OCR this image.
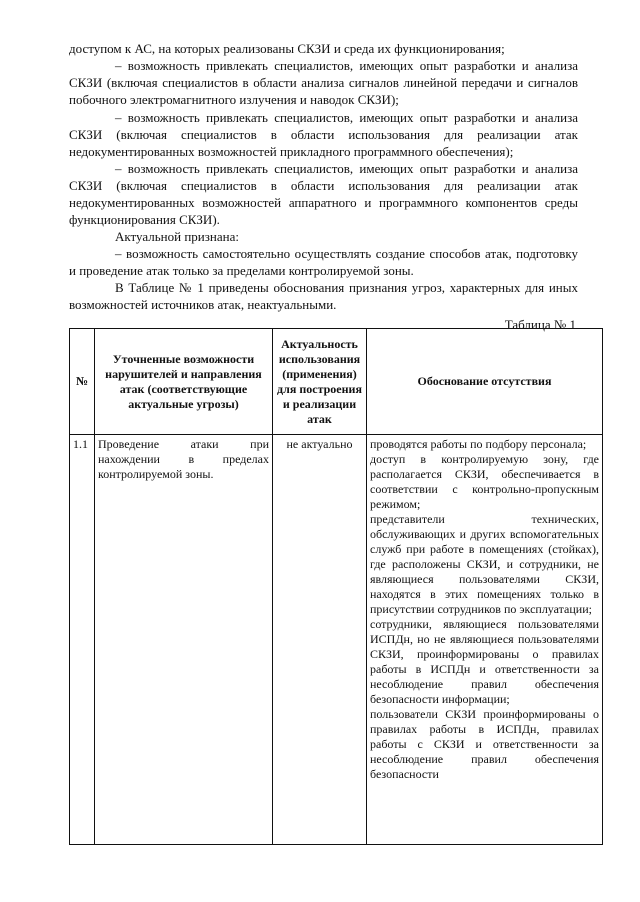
доступом к АС, на которых реализованы СКЗИ и среда их функционирования;

– возможность привлекать специалистов, имеющих опыт разработки и анализа СКЗИ (включая специалистов в области анализа сигналов линейной передачи и сигналов побочного электромагнитного излучения и наводок СКЗИ);

– возможность привлекать специалистов, имеющих опыт разработки и анализа СКЗИ (включая специалистов в области использования для реализации атак недокументированных возможностей прикладного программного обеспечения);

– возможность привлекать специалистов, имеющих опыт разработки и анализа СКЗИ (включая специалистов в области использования для реализации атак недокументированных возможностей аппаратного и программного компонентов среды функционирования СКЗИ).

Актуальной признана:

– возможность самостоятельно осуществлять создание способов атак, подготовку и проведение атак только за пределами контролируемой зоны.

В Таблице № 1 приведены обоснования признания угроз, характерных для иных возможностей источников атак, неактуальными.

Таблица № 1

№	Уточненные возможности нарушителей и направления атак (соответствующие актуальные угрозы)	Актуальность использования (применения) для построения и реализации атак	Обоснование отсутствия
1.1	Проведение атаки при нахождении в пределах контролируемой зоны.	не актуально	проводятся работы по подбору персонала;
доступ в контролируемую зону, где располагается СКЗИ, обеспечивается в соответствии с контрольно-пропускным режимом;
представители технических, обслуживающих и других вспомогательных служб при работе в помещениях (стойках), где расположены СКЗИ, и сотрудники, не являющиеся пользователями СКЗИ, находятся в этих помещениях только в присутствии сотрудников по эксплуатации;
сотрудники, являющиеся пользователями ИСПДн, но не являющиеся пользователями СКЗИ, проинформированы о правилах работы в ИСПДн и ответственности за несоблюдение правил обеспечения безопасности информации;
пользователи СКЗИ проинформированы о правилах работы в ИСПДн, правилах работы с СКЗИ и ответственности за несоблюдение правил обеспечения безопасности
